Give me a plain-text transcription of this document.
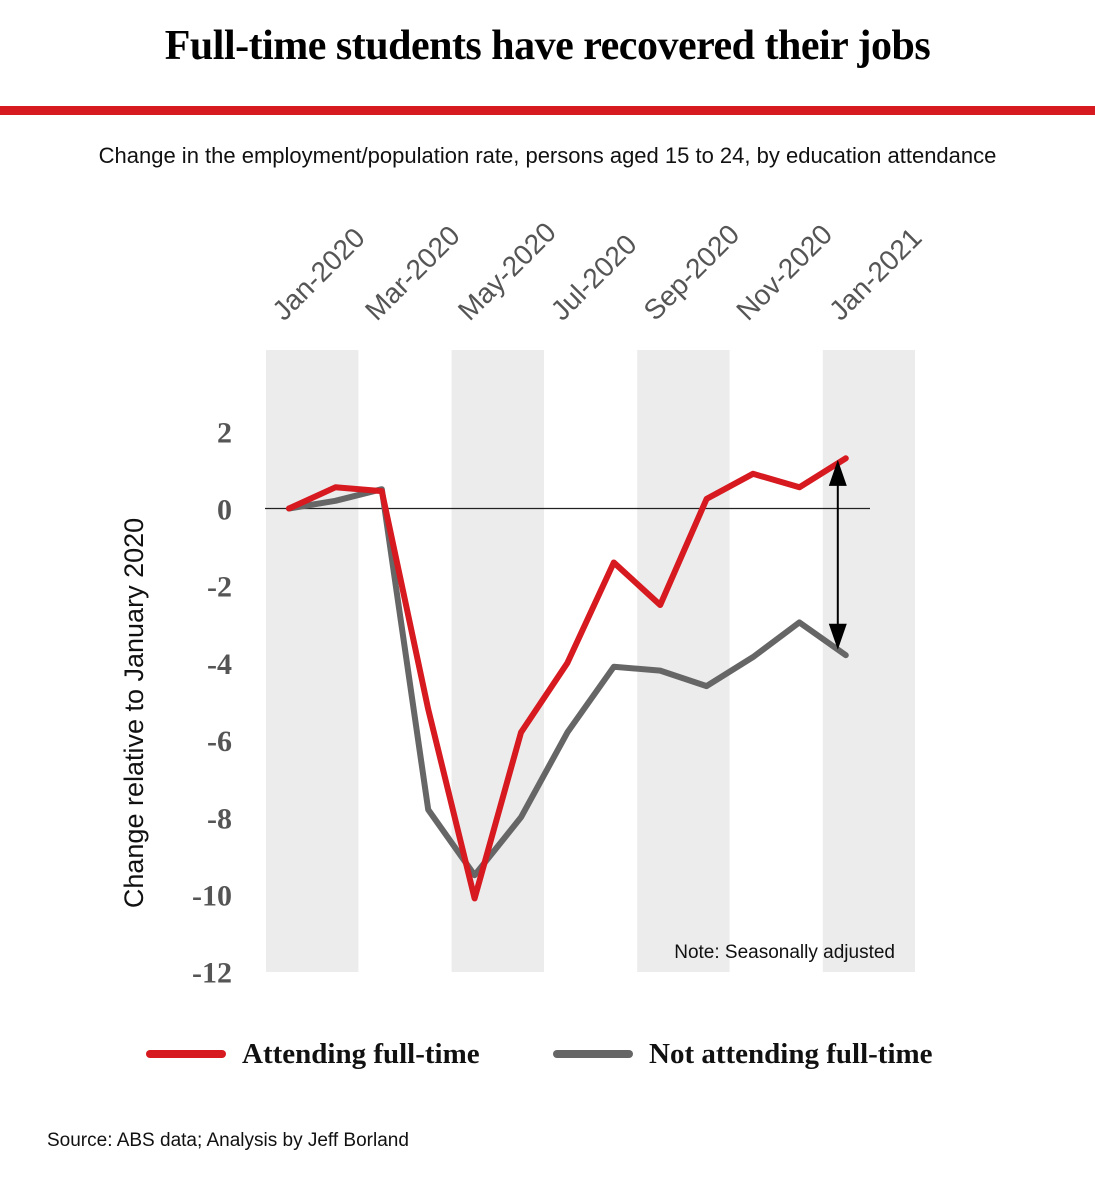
Full-time students have recovered their jobs
Change in the employment/population rate, persons aged 15 to 24, by education attendance
Jan-2020
Mar-2020
May-2020
Jul-2020
Sep-2020
Nov-2020
Jan-2021
2
0
-2
-4
-6
-8
-10
-12
Change relative to January 2020
Note: Seasonally adjusted
Attending full-time	Not attending full-time
Source: ABS data; Analysis by Jeff Borland
